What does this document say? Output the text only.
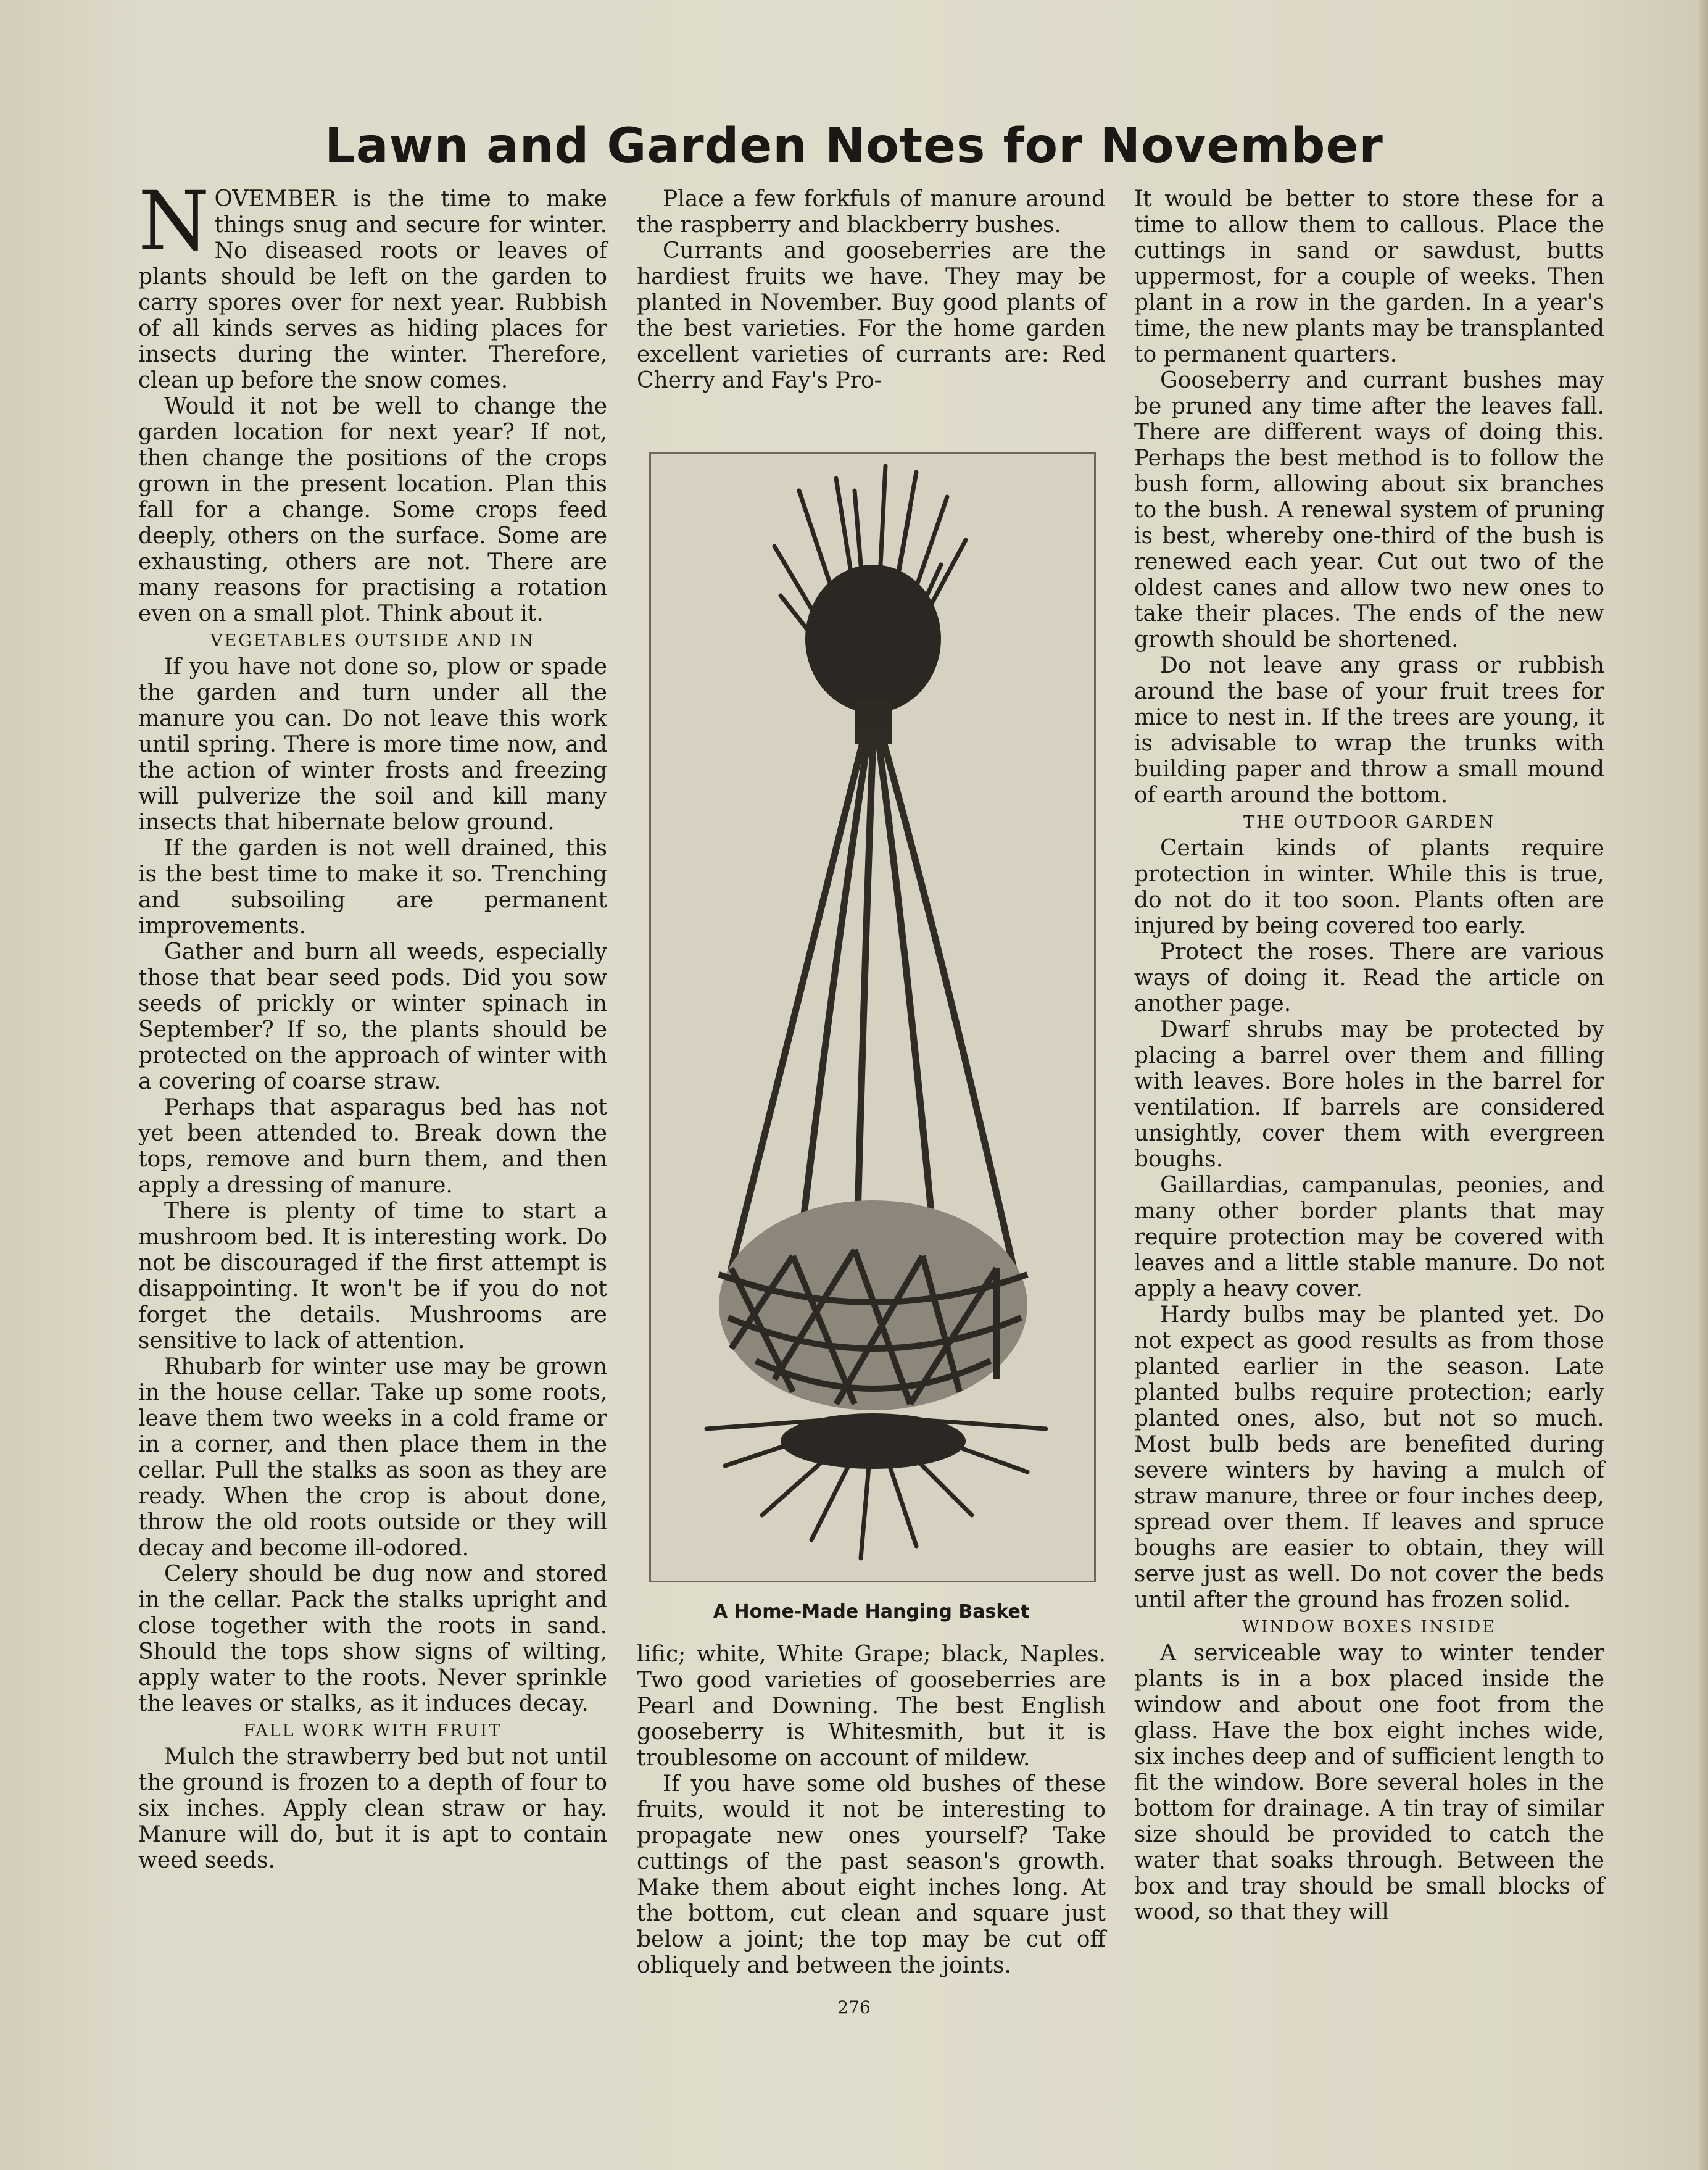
Lawn and Garden Notes for November
N OVEMBER is the time to make things snug and secure for winter. No diseased roots or leaves of plants should be left on the garden to carry spores over for next year. Rubbish of all kinds serves as hiding places for insects during the winter. Therefore, clean up before the snow comes.

Would it not be well to change the garden location for next year? If not, then change the positions of the crops grown in the present location. Plan this fall for a change. Some crops feed deeply, others on the surface. Some are exhausting, others are not. There are many reasons for practising a rotation even on a small plot. Think about it.

VEGETABLES OUTSIDE AND IN

If you have not done so, plow or spade the garden and turn under all the manure you can. Do not leave this work until spring. There is more time now, and the action of winter frosts and freezing will pulverize the soil and kill many insects that hibernate below ground.

If the garden is not well drained, this is the best time to make it so. Trenching and subsoiling are permanent improvements.

Gather and burn all weeds, especially those that bear seed pods. Did you sow seeds of prickly or winter spinach in September? If so, the plants should be protected on the approach of winter with a covering of coarse straw.

Perhaps that asparagus bed has not yet been attended to. Break down the tops, remove and burn them, and then apply a dressing of manure.

There is plenty of time to start a mushroom bed. It is interesting work. Do not be discouraged if the first attempt is disappointing. It won't be if you do not forget the details. Mushrooms are sensitive to lack of attention.

Rhubarb for winter use may be grown in the house cellar. Take up some roots, leave them two weeks in a cold frame or in a corner, and then place them in the cellar. Pull the stalks as soon as they are ready. When the crop is about done, throw the old roots outside or they will decay and become ill-odored.

Celery should be dug now and stored in the cellar. Pack the stalks upright and close together with the roots in sand. Should the tops show signs of wilting, apply water to the roots. Never sprinkle the leaves or stalks, as it induces decay.

FALL WORK WITH FRUIT

Mulch the strawberry bed but not until the ground is frozen to a depth of four to six inches. Apply clean straw or hay. Manure will do, but it is apt to contain weed seeds.

Place a few forkfuls of manure around the raspberry and blackberry bushes.

Currants and gooseberries are the hardiest fruits we have. They may be planted in November. Buy good plants of the best varieties. For the home garden excellent varieties of currants are: Red Cherry and Fay's Pro-

A Home-Made Hanging Basket

lific; white, White Grape; black, Naples. Two good varieties of gooseberries are Pearl and Downing. The best English gooseberry is Whitesmith, but it is troublesome on account of mildew.

If you have some old bushes of these fruits, would it not be interesting to propagate new ones yourself? Take cuttings of the past season's growth. Make them about eight inches long. At the bottom, cut clean and square just below a joint; the top may be cut off obliquely and between the joints.

It would be better to store these for a time to allow them to callous. Place the cuttings in sand or sawdust, butts uppermost, for a couple of weeks. Then plant in a row in the garden. In a year's time, the new plants may be transplanted to permanent quarters.

Gooseberry and currant bushes may be pruned any time after the leaves fall. There are different ways of doing this. Perhaps the best method is to follow the bush form, allowing about six branches to the bush. A renewal system of pruning is best, whereby one-third of the bush is renewed each year. Cut out two of the oldest canes and allow two new ones to take their places. The ends of the new growth should be shortened.

Do not leave any grass or rubbish around the base of your fruit trees for mice to nest in. If the trees are young, it is advisable to wrap the trunks with building paper and throw a small mound of earth around the bottom.

THE OUTDOOR GARDEN

Certain kinds of plants require protection in winter. While this is true, do not do it too soon. Plants often are injured by being covered too early.

Protect the roses. There are various ways of doing it. Read the article on another page.

Dwarf shrubs may be protected by placing a barrel over them and filling with leaves. Bore holes in the barrel for ventilation. If barrels are considered unsightly, cover them with evergreen boughs.

Gaillardias, campanulas, peonies, and many other border plants that may require protection may be covered with leaves and a little stable manure. Do not apply a heavy cover.

Hardy bulbs may be planted yet. Do not expect as good results as from those planted earlier in the season. Late planted bulbs require protection; early planted ones, also, but not so much. Most bulb beds are benefited during severe winters by having a mulch of straw manure, three or four inches deep, spread over them. If leaves and spruce boughs are easier to obtain, they will serve just as well. Do not cover the beds until after the ground has frozen solid.

WINDOW BOXES INSIDE

A serviceable way to winter tender plants is in a box placed inside the window and about one foot from the glass. Have the box eight inches wide, six inches deep and of sufficient length to fit the window. Bore several holes in the bottom for drainage. A tin tray of similar size should be provided to catch the water that soaks through. Between the box and tray should be small blocks of wood, so that they will

276
